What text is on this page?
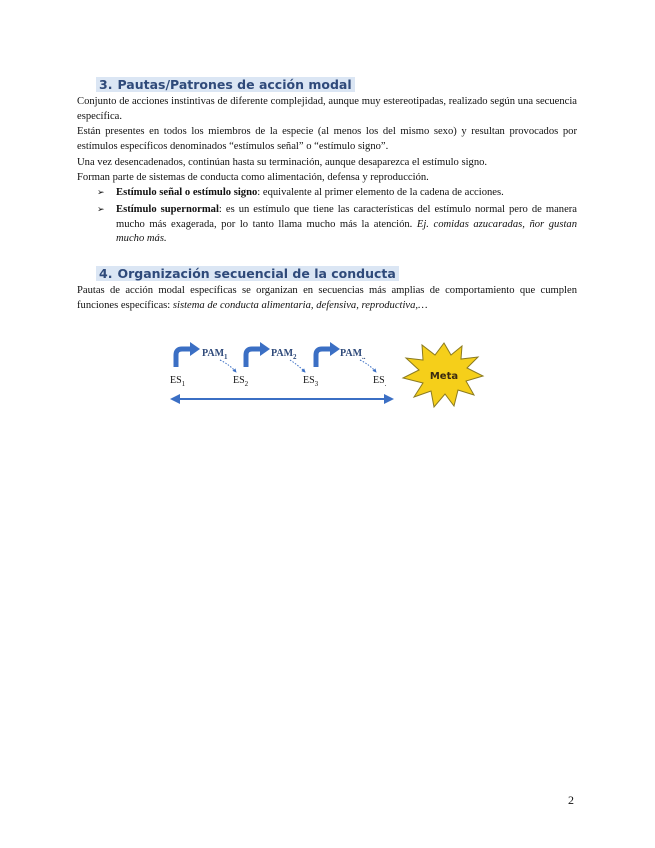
3. Pautas/Patrones de acción modal

Conjunto de acciones instintivas de diferente complejidad, aunque muy estereotipadas, realizado según una secuencia específica.

Están presentes en todos los miembros de la especie (al menos los del mismo sexo) y resultan provocados por estímulos específicos denominados “estímulos señal” o “estímulo signo”.

Una vez desencadenados, continúan hasta su terminación, aunque desaparezca el estímulo signo.

Forman parte de sistemas de conducta como alimentación, defensa y reproducción.

➢ Estímulo señal o estímulo signo: equivalente al primer elemento de la cadena de acciones.
➢ Estímulo supernormal: es un estímulo que tiene las características del estímulo normal pero de manera mucho más exagerada, por lo tanto llama mucho más la atención. Ej. comidas azucaradas, ñor gustan mucho más.
4. Organización secuencial de la conducta

Pautas de acción modal específicas se organizan en secuencias más amplias de comportamiento que cumplen funciones específicas: sistema de conducta alimentaria, defensiva, reproductiva,…

$PAM_1$
$ES_1$
$PAM_2$
$ES_2$
$PAM_{..}$
$ES_3$	$ES_.$
Meta
2
